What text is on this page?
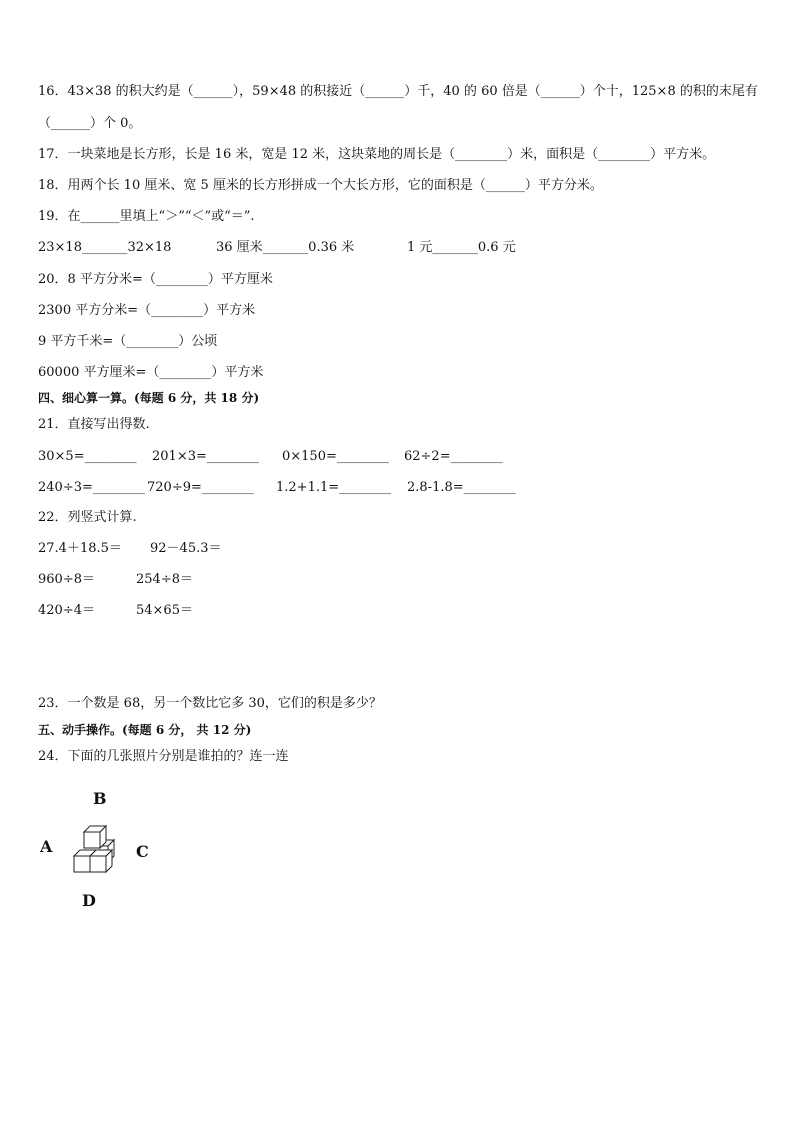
16．43×38 的积大约是（______），59×48 的积接近（______）千，40 的 60 倍是（______）个十，125×8 的积的末尾有
（______）个 0。
17．一块菜地是长方形，长是 16 米，宽是 12 米，这块菜地的周长是（________）米，面积是（________）平方米。
18．用两个长 10 厘米、宽 5 厘米的长方形拼成一个大长方形，它的面积是（______）平方分米。
19．在______里填上“＞”“＜”或“＝”.
23×18_______32×18	36 厘米_______0.36 米	1 元_______0.6 元
20．8 平方分米=（________）平方厘米
2300 平方分米=（________）平方米
9 平方千米=（________）公顷
60000 平方厘米=（________）平方米
四、细心算一算。(每题 6 分，共 18 分)
21．直接写出得数.
30×5=________ 201×3=________ 0×150=________ 62÷2=________
240÷3=________ 720÷9=________ 1.2+1.1=________ 2.8-1.8=________
22．列竖式计算.
27.4＋18.5＝ 92－45.3＝
960÷8＝	254÷8＝
420÷4＝	54×65＝
23．一个数是 68，另一个数比它多 30，它们的积是多少？
五、动手操作。(每题 6 分， 共 12 分)
24．下面的几张照片分别是谁拍的？连一连
B
A	C
D
